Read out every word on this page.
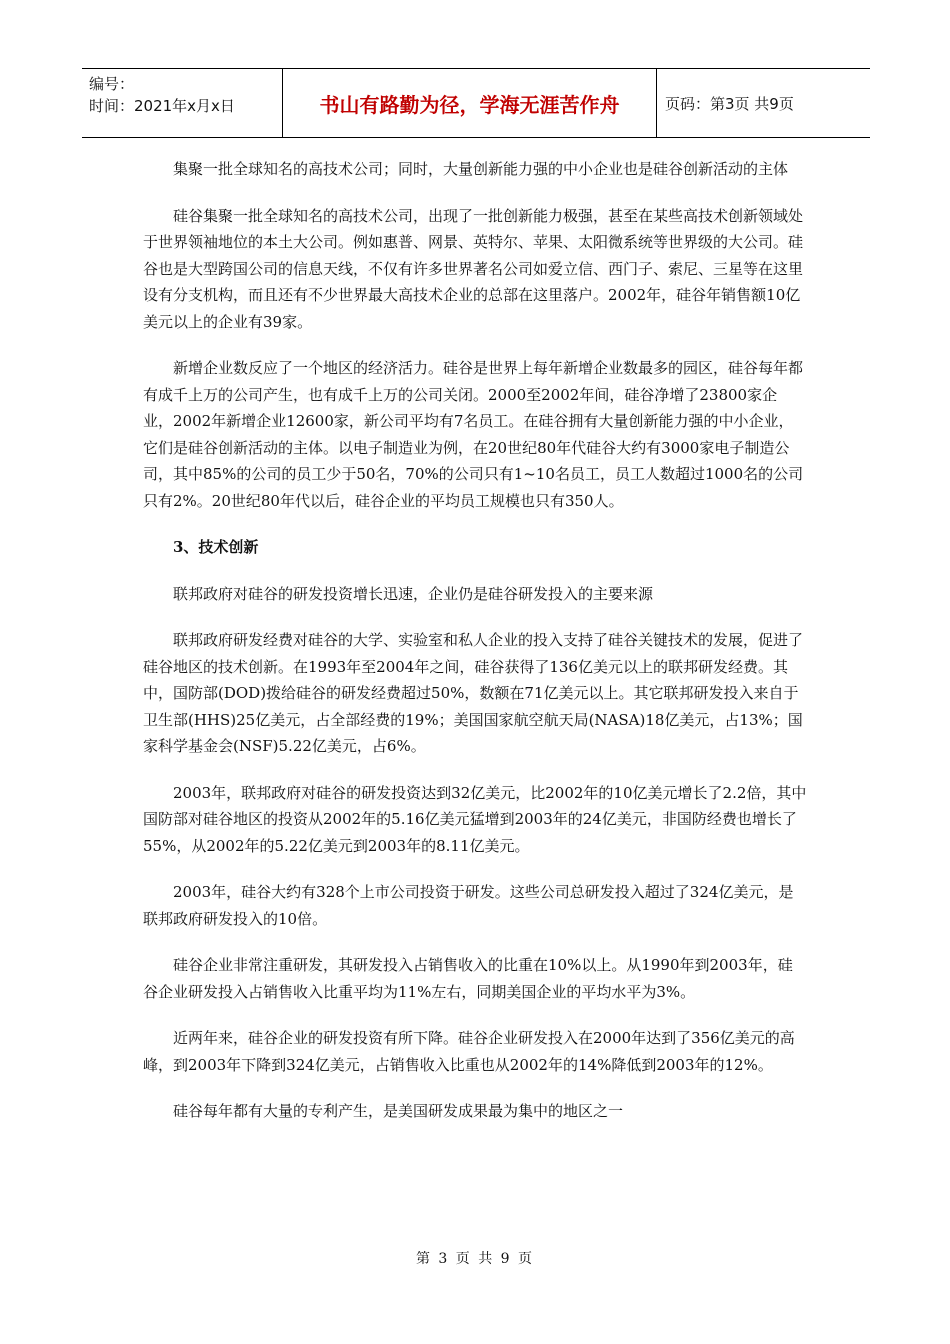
编号：
时间：2021年x月x日	书山有路勤为径，学海无涯苦作舟	页码：第3页 共9页

集聚一批全球知名的高技术公司；同时，大量创新能力强的中小企业也是硅谷创新活动的主体

硅谷集聚一批全球知名的高技术公司，出现了一批创新能力极强，甚至在某些高技术创新领域处于世界领袖地位的本土大公司。例如惠普、网景、英特尔、苹果、太阳微系统等世界级的大公司。硅谷也是大型跨国公司的信息天线，不仅有许多世界著名公司如爱立信、西门子、索尼、三星等在这里设有分支机构，而且还有不少世界最大高技术企业的总部在这里落户。2002年，硅谷年销售额10亿美元以上的企业有39家。

新增企业数反应了一个地区的经济活力。硅谷是世界上每年新增企业数最多的园区，硅谷每年都有成千上万的公司产生，也有成千上万的公司关闭。2000至2002年间，硅谷净增了23800家企业，2002年新增企业12600家，新公司平均有7名员工。在硅谷拥有大量创新能力强的中小企业，它们是硅谷创新活动的主体。以电子制造业为例，在20世纪80年代硅谷大约有3000家电子制造公司，其中85%的公司的员工少于50名，70%的公司只有1~10名员工，员工人数超过1000名的公司只有2%。20世纪80年代以后，硅谷企业的平均员工规模也只有350人。

3、技术创新

联邦政府对硅谷的研发投资增长迅速，企业仍是硅谷研发投入的主要来源

联邦政府研发经费对硅谷的大学、实验室和私人企业的投入支持了硅谷关键技术的发展，促进了硅谷地区的技术创新。在1993年至2004年之间，硅谷获得了136亿美元以上的联邦研发经费。其中，国防部(DOD)拨给硅谷的研发经费超过50%，数额在71亿美元以上。其它联邦研发投入来自于卫生部(HHS)25亿美元，占全部经费的19%；美国国家航空航天局(NASA)18亿美元，占13%；国家科学基金会(NSF)5.22亿美元，占6%。

2003年，联邦政府对硅谷的研发投资达到32亿美元，比2002年的10亿美元增长了2.2倍，其中国防部对硅谷地区的投资从2002年的5.16亿美元猛增到2003年的24亿美元，非国防经费也增长了55%，从2002年的5.22亿美元到2003年的8.11亿美元。

2003年，硅谷大约有328个上市公司投资于研发。这些公司总研发投入超过了324亿美元，是联邦政府研发投入的10倍。

硅谷企业非常注重研发，其研发投入占销售收入的比重在10%以上。从1990年到2003年，硅谷企业研发投入占销售收入比重平均为11%左右，同期美国企业的平均水平为3%。

近两年来，硅谷企业的研发投资有所下降。硅谷企业研发投入在2000年达到了356亿美元的高峰，到2003年下降到324亿美元，占销售收入比重也从2002年的14%降低到2003年的12%。

硅谷每年都有大量的专利产生，是美国研发成果最为集中的地区之一

第 3 页 共 9 页
